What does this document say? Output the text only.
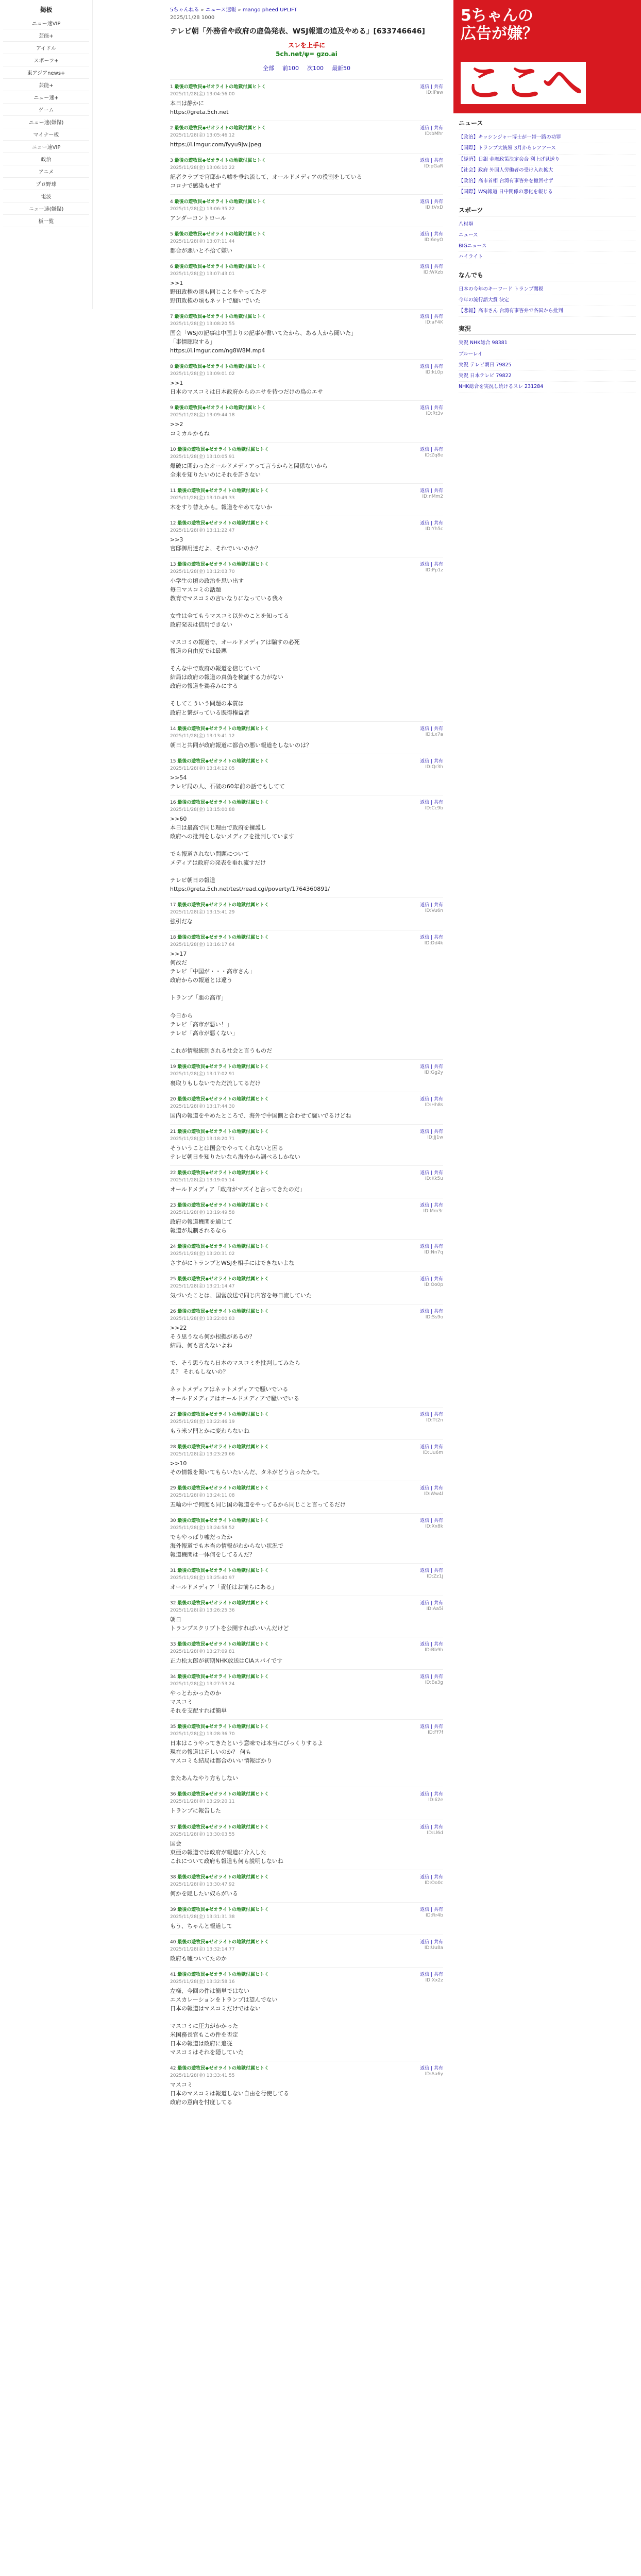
掲板
ニュー速VIP
芸能+
アイドル
スポーツ+
東アジアnews+
芸能+
ニュー速+
ゲーム
ニュー速(嫌儲)
マイナー板
ニュー速VIP
政治
アニメ
プロ野球
電波
ニュー速(嫌儲)
板一覧
5ちゃんねる » ニュース速報 » mango pheed UPLIFT
2025/11/28 1000
テレビ朝「外務省や政府の虚偽発表、WSJ報道の追及やめる」[633746646]
スレを上手に
5ch.net/⁠ψ=⁠⁠⁠ gzo.ai
全部 前100 次100 最新50
1 最後の遊牧民◆ゼオライトの地獄付属ヒトく	返信 | 共有
2025/11/28(金) 13:04:56.00	ID:iPaw
本日は静かに
https://greta.5ch.net
2 最後の遊牧民◆ゼオライトの地獄付属ヒトく	返信 | 共有
2025/11/28(金) 13:05:46.12	ID:bMhr
https://i.imgur.com/fyyu9jw.jpeg
3 最後の遊牧民◆ゼオライトの地獄付属ヒトく	返信 | 共有
2025/11/28(金) 13:06:10.22	ID:pGaR
記者クラブで官邸から嘘を垂れ流して、オールドメディアの役割をしている
コロナで感染もせず
4 最後の遊牧民◆ゼオライトの地獄付属ヒトく	返信 | 共有
2025/11/28(金) 13:06:35.22	ID:tVxD
アンダーコントロール
5 最後の遊牧民◆ゼオライトの地獄付属ヒトく	返信 | 共有
2025/11/28(金) 13:07:11.44	ID:6eyO
都合が悪いと不拾て嫌い
6 最後の遊牧民◆ゼオライトの地獄付属ヒトく	返信 | 共有
2025/11/28(金) 13:07:43.01	ID:WXzb
>>1
野田政権の頃も同じことをやってたぞ
野田政権の頃もネットで騒いでいた
7 最後の遊牧民◆ゼオライトの地獄付属ヒトく	返信 | 共有
2025/11/28(金) 13:08:20.55	ID:aF4K
国会「WSJの記事は中国よりの記事が書いてたから、ある人から聞いた」
「事情聴取する」
https://i.imgur.com/ng8W8M.mp4
8 最後の遊牧民◆ゼオライトの地獄付属ヒトく	返信 | 共有
2025/11/28(金) 13:09:01.02	ID:kL0p
>>1
日本のマスコミは日本政府からのエサを待つだけの鳥のエサ
9 最後の遊牧民◆ゼオライトの地獄付属ヒトく	返信 | 共有
2025/11/28(金) 13:09:44.18	ID:Rt3v
>>2
コミカルかもね
10 最後の遊牧民◆ゼオライトの地獄付属ヒトく	返信 | 共有
2025/11/28(金) 13:10:05.91	ID:Zq8e
爆破に関わったオールドメディアって言うからと関係ないから
全米を知りたいのにそれを許さない
11 最後の遊牧民◆ゼオライトの地獄付属ヒトく	返信 | 共有
2025/11/28(金) 13:10:49.33	ID:nMm2
木をすり替えかも。報道をやめてないか
12 最後の遊牧民◆ゼオライトの地獄付属ヒトく	返信 | 共有
2025/11/28(金) 13:11:22.47	ID:Yh5c
>>3
官邸御用達だよ、それでいいのか？
13 最後の遊牧民◆ゼオライトの地獄付属ヒトく	返信 | 共有
2025/11/28(金) 13:12:03.70	ID:Pp1z
小学生の頃の政治を思い出す
毎日マスコミの話題
教育でマスコミの言いなりになっている我々

女性は全てもうマスコミ以外のことを知ってる
政府発表は信用できない

マスコミの報道で、オールドメディアは騙すの必死
報道の自由度では最悪

そんな中で政府の報道を信じていて
結局は政府の報道の真偽を検証する力がない
政府の報道を鵜呑みにする

そしてこういう問題の本質は
政府と繋がっている既得権益者
14 最後の遊牧民◆ゼオライトの地獄付属ヒトく	返信 | 共有
2025/11/28(金) 13:13:41.12	ID:Lx7a
朝日と共同が政府報道に都合の悪い報道をしないのは？
15 最後の遊牧民◆ゼオライトの地獄付属ヒトく	返信 | 共有
2025/11/28(金) 13:14:12.05	ID:Qr3h
>>54
テレビ局の人、石破の60年前の話でもしてて
16 最後の遊牧民◆ゼオライトの地獄付属ヒトく	返信 | 共有
2025/11/28(金) 13:15:00.88	ID:Cc9b
>>60
本日は最高で同じ理由で政府を擁護し
政府への批判をしないメディアを批判しています

でも報道されない問題について
メディアは政府の発表を垂れ流すだけ

テレビ朝日の報道
https://greta.5ch.net/test/read.cgi/poverty/1764360891/
17 最後の遊牧民◆ゼオライトの地獄付属ヒトく	返信 | 共有
2025/11/28(金) 13:15:41.29	ID:Vu6n
強引だな
18 最後の遊牧民◆ゼオライトの地獄付属ヒトく	返信 | 共有
2025/11/28(金) 13:16:17.64	ID:Dd4k
>>17
何故だ
テレビ「中国が・・・高市さん」
政府からの報道とは違う

トランプ「悪の高市」

今日から
テレビ「高市が悪い！」
テレビ「高市が悪くない」

これが情報統制される社会と言うものだ
19 最後の遊牧民◆ゼオライトの地獄付属ヒトく	返信 | 共有
2025/11/28(金) 13:17:02.91	ID:Gg2y
裏取りもしないでただ流してるだけ
20 最後の遊牧民◆ゼオライトの地獄付属ヒトく	返信 | 共有
2025/11/28(金) 13:17:44.30	ID:Hh8s
国内の報道をやめたところで、海外で中国側と合わせて騒いでるけどね
21 最後の遊牧民◆ゼオライトの地獄付属ヒトく	返信 | 共有
2025/11/28(金) 13:18:20.71	ID:Jj1w
そういうことは国会でやってくれないと困る
テレビ朝日を知りたいなら海外から調べるしかない
22 最後の遊牧民◆ゼオライトの地獄付属ヒトく	返信 | 共有
2025/11/28(金) 13:19:05.14	ID:Kk5u
オールドメディア「政府がマズイと言ってきたのだ」
23 最後の遊牧民◆ゼオライトの地獄付属ヒトく	返信 | 共有
2025/11/28(金) 13:19:49.58	ID:Mm3r
政府の報道機関を通じて
報道が規制されるなら
24 最後の遊牧民◆ゼオライトの地獄付属ヒトく	返信 | 共有
2025/11/28(金) 13:20:31.02	ID:Nn7q
さすがにトランプとWSJを相手にはできないよな
25 最後の遊牧民◆ゼオライトの地獄付属ヒトく	返信 | 共有
2025/11/28(金) 13:21:14.47	ID:Oo0p
気づいたことは、国営放送で同じ内容を毎日流していた
26 最後の遊牧民◆ゼオライトの地獄付属ヒトく	返信 | 共有
2025/11/28(金) 13:22:00.83	ID:Ss9o
>>22
そう思うなら何か根拠があるの？
結局、何も言えないよね

で、そう思うなら日本のマスコミを批判してみたら
え？ それもしないの？

ネットメディアはネットメディアで騒いでいる
オールドメディアはオールドメディアで騒いでいる
27 最後の遊牧民◆ゼオライトの地獄付属ヒトく	返信 | 共有
2025/11/28(金) 13:22:46.19	ID:Tt2n
もう米ソ門とかに変わらないね
28 最後の遊牧民◆ゼオライトの地獄付属ヒトく	返信 | 共有
2025/11/28(金) 13:23:29.66	ID:Uu6m
>>10
その情報を聞いてもらいたいんだ、タネがどう言ったかで。
29 最後の遊牧民◆ゼオライトの地獄付属ヒトく	返信 | 共有
2025/11/28(金) 13:24:11.08	ID:Ww4l
五輪の中で何度も同じ国の報道をやってるから同じこと言ってるだけ
30 最後の遊牧民◆ゼオライトの地獄付属ヒトく	返信 | 共有
2025/11/28(金) 13:24:58.52	ID:Xx8k
でもやっぱり嘘だったか
海外報道でも本当の情報がわからない状況で
報道機関は一体何をしてるんだ？
31 最後の遊牧民◆ゼオライトの地獄付属ヒトく	返信 | 共有
2025/11/28(金) 13:25:40.97	ID:Zz1j
オールドメディア「責任はお前らにある」
32 最後の遊牧民◆ゼオライトの地獄付属ヒトく	返信 | 共有
2025/11/28(金) 13:26:25.36	ID:Aa5i
朝日
トランプスクリプトを公開すればいいんだけど
33 最後の遊牧民◆ゼオライトの地獄付属ヒトく	返信 | 共有
2025/11/28(金) 13:27:09.81	ID:Bb9h
正力松太郎が初期NHK放送はCIAスパイです
34 最後の遊牧民◆ゼオライトの地獄付属ヒトく	返信 | 共有
2025/11/28(金) 13:27:53.24	ID:Ee3g
やっとわかったのか
マスコミ
それを支配すれば簡単
35 最後の遊牧民◆ゼオライトの地獄付属ヒトく	返信 | 共有
2025/11/28(金) 13:28:36.70	ID:Ff7f
日本はこうやってきたという意味では本当にびっくりするよ
現在の報道は正しいのか？ 何も
マスコミも結局は都合のいい情報ばかり

またあんなやり方もしない
36 最後の遊牧民◆ゼオライトの地獄付属ヒトく	返信 | 共有
2025/11/28(金) 13:29:20.11	ID:Ii2e
トランプに報告した
37 最後の遊牧民◆ゼオライトの地獄付属ヒトく	返信 | 共有
2025/11/28(金) 13:30:03.55	ID:Ll6d
国会
東亜の報道では政府が報道に介入した
これについて政府も報道も何も説明しないね
38 最後の遊牧民◆ゼオライトの地獄付属ヒトく	返信 | 共有
2025/11/28(金) 13:30:47.92	ID:Oo0c
何かを隠したい奴らがいる
39 最後の遊牧民◆ゼオライトの地獄付属ヒトく	返信 | 共有
2025/11/28(金) 13:31:31.38	ID:Rr4b
もう、ちゃんと報道して
40 最後の遊牧民◆ゼオライトの地獄付属ヒトく	返信 | 共有
2025/11/28(金) 13:32:14.77	ID:Uu8a
政府も嘘ついてたのか
41 最後の遊牧民◆ゼオライトの地獄付属ヒトく	返信 | 共有
2025/11/28(金) 13:32:58.16	ID:Xx2z
左様、今回の件は簡単ではない
エスカレーションをトランプは望んでない
日本の報道はマスコミだけではない

マスコミに圧力がかかった
米国務長官もこの件を否定
日本の報道は政府に追従
マスコミはそれを隠していた
42 最後の遊牧民◆ゼオライトの地獄付属ヒトく	返信 | 共有
2025/11/28(金) 13:33:41.55	ID:Aa6y
マスコミ
日本のマスコミは報道しない自由を行使してる
政府の意向を忖度してる
5ちゃんの
広告が嫌？
ここへ
ニュース
【政治】キッシンジャー博士が一帯一路の功罪
【国際】トランプ大統領 3月からレアアース
【経済】日銀 金融政策決定会合 利上げ見送り
【社会】政府 外国人労働者の受け入れ拡大
【政治】高市首相 台湾有事答弁を撤回せず
【国際】WSJ報道 日中関係の悪化を報じる
スポーツ
八村塁
ニュース
BIGニュース
ハイライト
なんでも
日本の今年のキーワード トランプ関税
今年の流行語大賞 決定
【悲報】高市さん 台湾有事答弁で各国から批判
実況
実況 NHK総合 98381
ブルーレイ
実況 テレビ朝日 79825
実況 日本テレビ 79822
NHK総合を実況し続けるスレ 231284
